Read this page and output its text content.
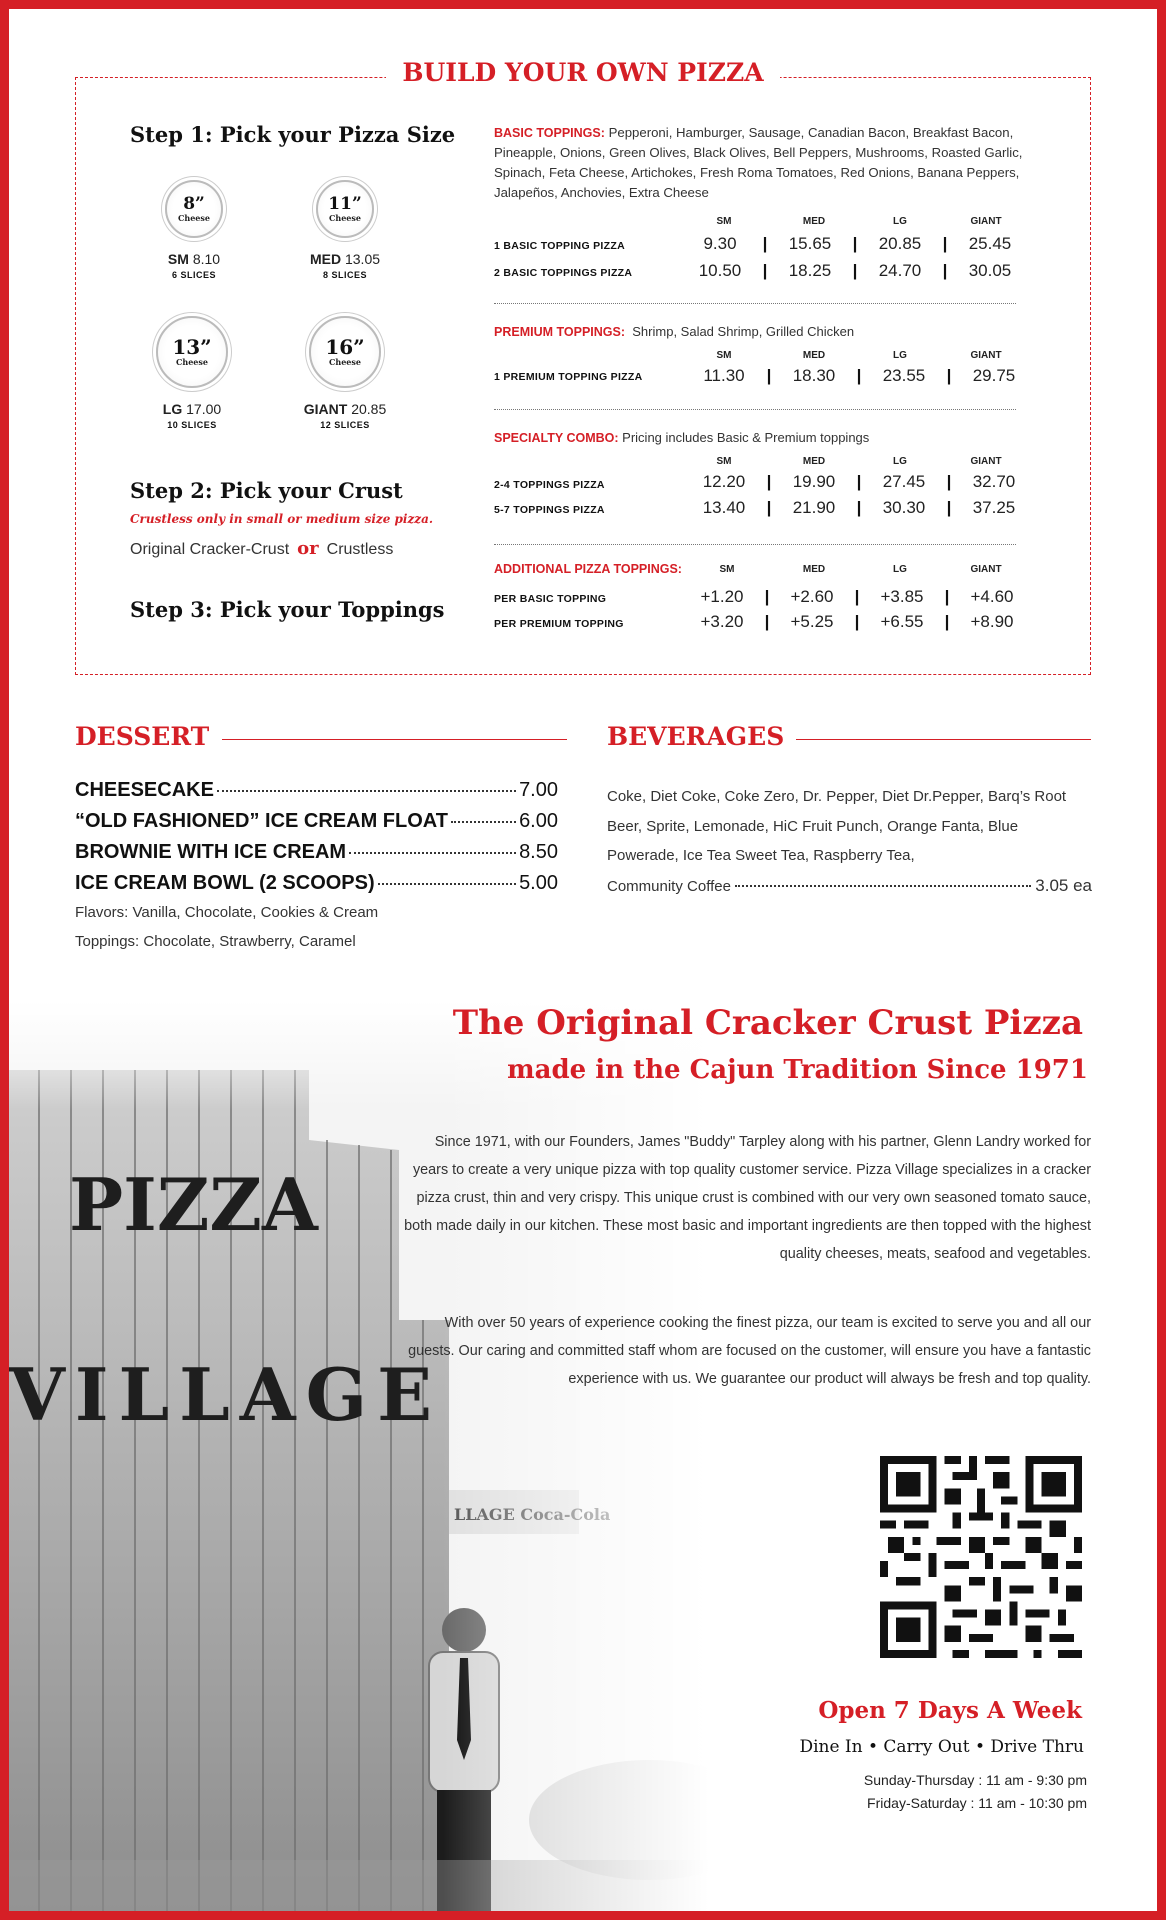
BUILD YOUR OWN PIZZA
Step 1: Pick your Pizza Size
8”
Cheese
SM 8.10
6 SLICES
11”
Cheese
MED 13.05
8 SLICES
13”
Cheese
LG 17.00
10 SLICES
16”
Cheese
GIANT 20.85
12 SLICES
Step 2: Pick your Crust
Crustless only in small or medium size pizza.
Original Cracker-Crust or Crustless
Step 3: Pick your Toppings
BASIC TOPPINGS: Pepperoni, Hamburger, Sausage, Canadian Bacon, Breakfast Bacon, Pineapple, Onions, Green Olives, Black Olives, Bell Peppers, Mushrooms, Roasted Garlic, Spinach, Feta Cheese, Artichokes, Fresh Roma Tomatoes, Red Onions, Banana Peppers, Jalapeños, Anchovies, Extra Cheese
SM	MED	LG	GIANT
1 BASIC TOPPING PIZZA	9.30	|	15.65	|	20.85	|	25.45
2 BASIC TOPPINGS PIZZA	10.50	|	18.25	|	24.70	|	30.05
PREMIUM TOPPINGS: Shrimp, Salad Shrimp, Grilled Chicken
SM	MED	LG	GIANT
1 PREMIUM TOPPING PIZZA	11.30	|	18.30	|	23.55	|	29.75
SPECIALTY COMBO: Pricing includes Basic & Premium toppings
SM	MED	LG	GIANT
2-4 TOPPINGS PIZZA	12.20	|	19.90	|	27.45	|	32.70
5-7 TOPPINGS PIZZA	13.40	|	21.90	|	30.30	|	37.25
ADDITIONAL PIZZA TOPPINGS:	SM	MED	LG	GIANT
PER BASIC TOPPING	+1.20	|	+2.60	|	+3.85	|	+4.60
PER PREMIUM TOPPING	+3.20	|	+5.25	|	+6.55	|	+8.90
DESSERT
CHEESECAKE	7.00
“OLD FASHIONED” ICE CREAM FLOAT	6.00
BROWNIE WITH ICE CREAM	8.50
ICE CREAM BOWL (2 SCOOPS)	5.00
Flavors: Vanilla, Chocolate, Cookies & Cream
Toppings: Chocolate, Strawberry, Caramel
BEVERAGES
Coke, Diet Coke, Coke Zero, Dr. Pepper, Diet Dr.Pepper, Barq’s Root Beer, Sprite, Lemonade, HiC Fruit Punch, Orange Fanta, Blue Powerade, Ice Tea Sweet Tea, Raspberry Tea,
Community Coffee	3.05 ea
The Original Cracker Crust Pizza
made in the Cajun Tradition Since 1971
Since 1971, with our Founders, James "Buddy" Tarpley along with his partner, Glenn Landry worked for years to create a very unique pizza with top quality customer service. Pizza Village specializes in a cracker pizza crust, thin and very crispy. This unique crust is combined with our very own seasoned tomato sauce, both made daily in our kitchen. These most basic and important ingredients are then topped with the highest quality cheeses, meats, seafood and vegetables.
With over 50 years of experience cooking the finest pizza, our team is excited to serve you and all our guests. Our caring and committed staff whom are focused on the customer, will ensure you have a fantastic experience with us. We guarantee our product will always be fresh and top quality.
Open 7 Days A Week
Dine In • Carry Out • Drive Thru
Sunday-Thursday : 11 am - 9:30 pm
Friday-Saturday : 11 am - 10:30 pm
